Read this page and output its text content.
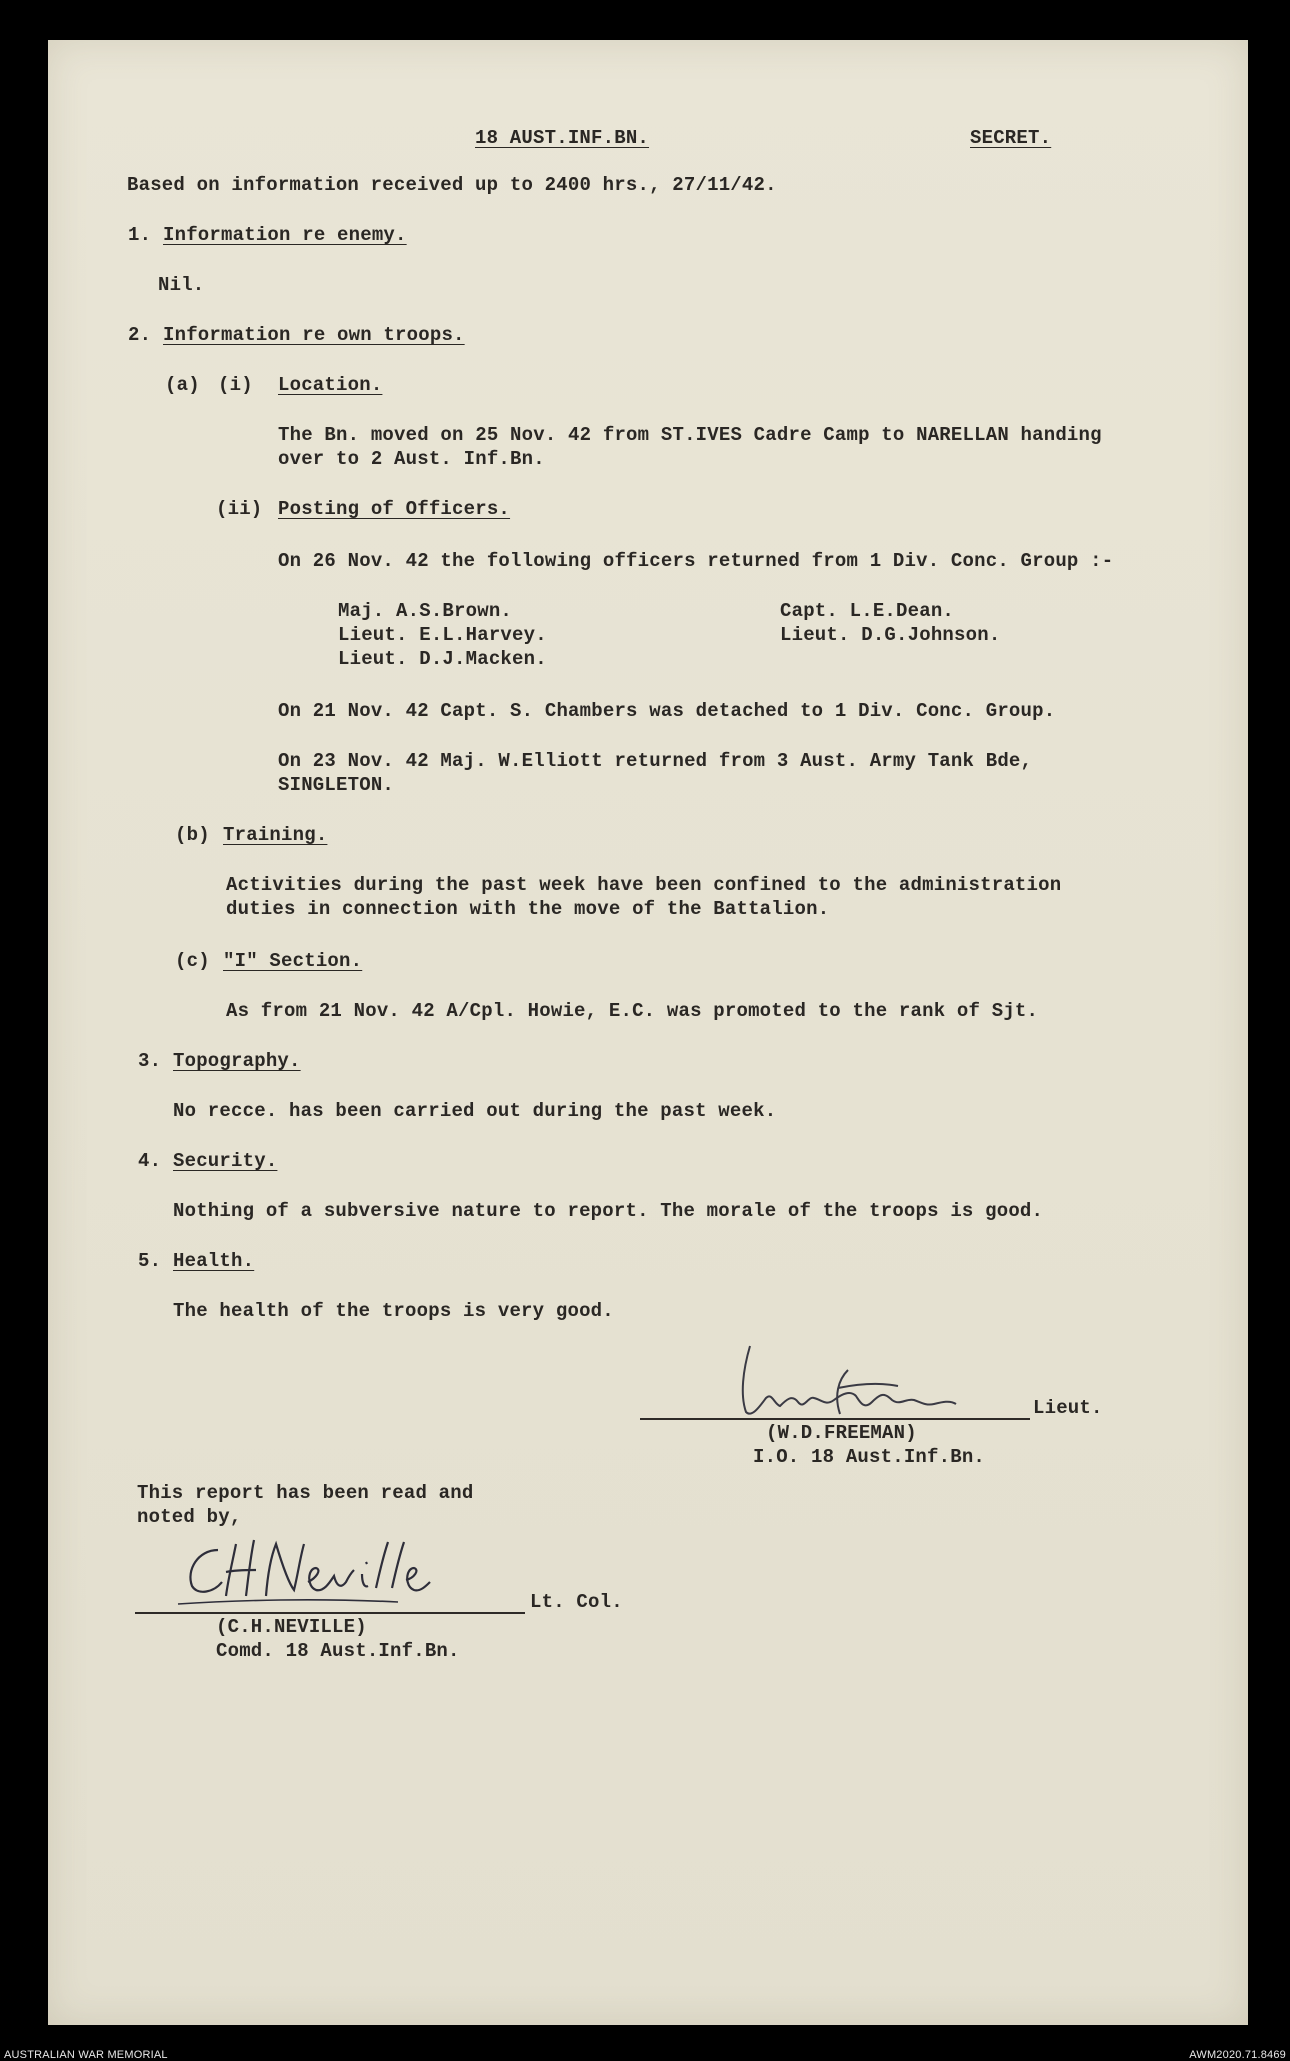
18 AUST.INF.BN.	SECRET.
Based on information received up to 2400 hrs., 27/11/42.
1. Information re enemy.
Nil.
2. Information re own troops.
(a) (i) Location.
The Bn. moved on 25 Nov. 42 from ST.IVES Cadre Camp to NARELLAN handing
over to 2 Aust. Inf.Bn.
(ii) Posting of Officers.
On 26 Nov. 42 the following officers returned from 1 Div. Conc. Group :-
Maj. A.S.Brown.
Lieut. E.L.Harvey.
Lieut. D.J.Macken.
Capt. L.E.Dean.
Lieut. D.G.Johnson.
On 21 Nov. 42 Capt. S. Chambers was detached to 1 Div. Conc. Group.
On 23 Nov. 42 Maj. W.Elliott returned from 3 Aust. Army Tank Bde,
SINGLETON.
(b) Training.
Activities during the past week have been confined to the administration
duties in connection with the move of the Battalion.
(c) "I" Section.
As from 21 Nov. 42 A/Cpl. Howie, E.C. was promoted to the rank of Sjt.
3. Topography.
No recce. has been carried out during the past week.
4. Security.
Nothing of a subversive nature to report. The morale of the troops is good.
5. Health.
The health of the troops is very good.
Lieut.
(W.D.FREEMAN)
I.O. 18 Aust.Inf.Bn.
This report has been read and
noted by,
Lt. Col.
(C.H.NEVILLE)
Comd. 18 Aust.Inf.Bn.
AUSTRALIAN WAR MEMORIAL	AWM2020.71.8469
